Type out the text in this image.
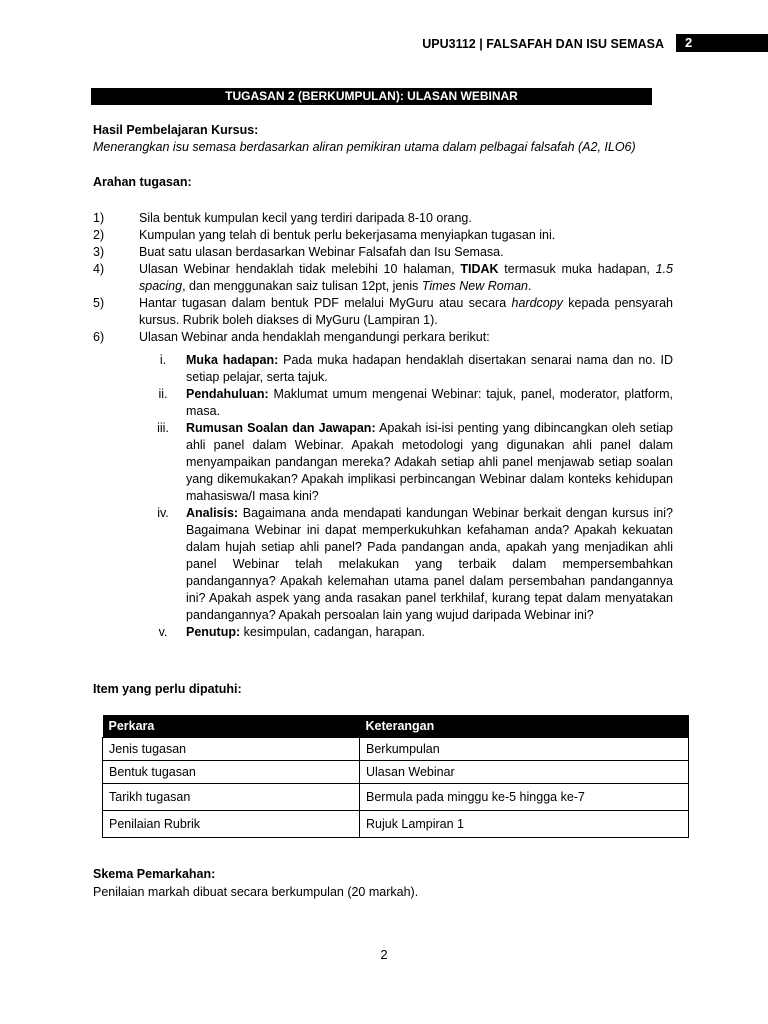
UPU3112 | FALSAFAH DAN ISU SEMASA	2
TUGASAN 2 (BERKUMPULAN): ULASAN WEBINAR
Hasil Pembelajaran Kursus:
Menerangkan isu semasa berdasarkan aliran pemikiran utama dalam pelbagai falsafah (A2, ILO6)
Arahan tugasan:
1)	Sila bentuk kumpulan kecil yang terdiri daripada 8-10 orang.
2)	Kumpulan yang telah di bentuk perlu bekerjasama menyiapkan tugasan ini.
3)	Buat satu ulasan berdasarkan Webinar Falsafah dan Isu Semasa.
4)	Ulasan Webinar hendaklah tidak melebihi 10 halaman, TIDAK termasuk muka hadapan, 1.5 spacing, dan menggunakan saiz tulisan 12pt, jenis Times New Roman.
5)	Hantar tugasan dalam bentuk PDF melalui MyGuru atau secara hardcopy kepada pensyarah kursus. Rubrik boleh diakses di MyGuru (Lampiran 1).
6)	Ulasan Webinar anda hendaklah mengandungi perkara berikut:
i.	Muka hadapan: Pada muka hadapan hendaklah disertakan senarai nama dan no. ID setiap pelajar, serta tajuk.
ii.	Pendahuluan: Maklumat umum mengenai Webinar: tajuk, panel, moderator, platform, masa.
iii.	Rumusan Soalan dan Jawapan: Apakah isi-isi penting yang dibincangkan oleh setiap ahli panel dalam Webinar. Apakah metodologi yang digunakan ahli panel dalam menyampaikan pandangan mereka? Adakah setiap ahli panel menjawab setiap soalan yang dikemukakan? Apakah implikasi perbincangan Webinar dalam konteks kehidupan mahasiswa/I masa kini?
iv.	Analisis: Bagaimana anda mendapati kandungan Webinar berkait dengan kursus ini? Bagaimana Webinar ini dapat memperkukuhkan kefahaman anda? Apakah kekuatan dalam hujah setiap ahli panel? Pada pandangan anda, apakah yang menjadikan ahli panel Webinar telah melakukan yang terbaik dalam mempersembahkan pandangannya? Apakah kelemahan utama panel dalam persembahan pandangannya ini? Apakah aspek yang anda rasakan panel terkhilaf, kurang tepat dalam menyatakan pandangannya? Apakah persoalan lain yang wujud daripada Webinar ini?
v.	Penutup: kesimpulan, cadangan, harapan.
Item yang perlu dipatuhi:
Perkara	Keterangan
Jenis tugasan	Berkumpulan
Bentuk tugasan	Ulasan Webinar
Tarikh tugasan	Bermula pada minggu ke-5 hingga ke-7
Penilaian Rubrik	Rujuk Lampiran 1
Skema Pemarkahan:
Penilaian markah dibuat secara berkumpulan (20 markah).
2
